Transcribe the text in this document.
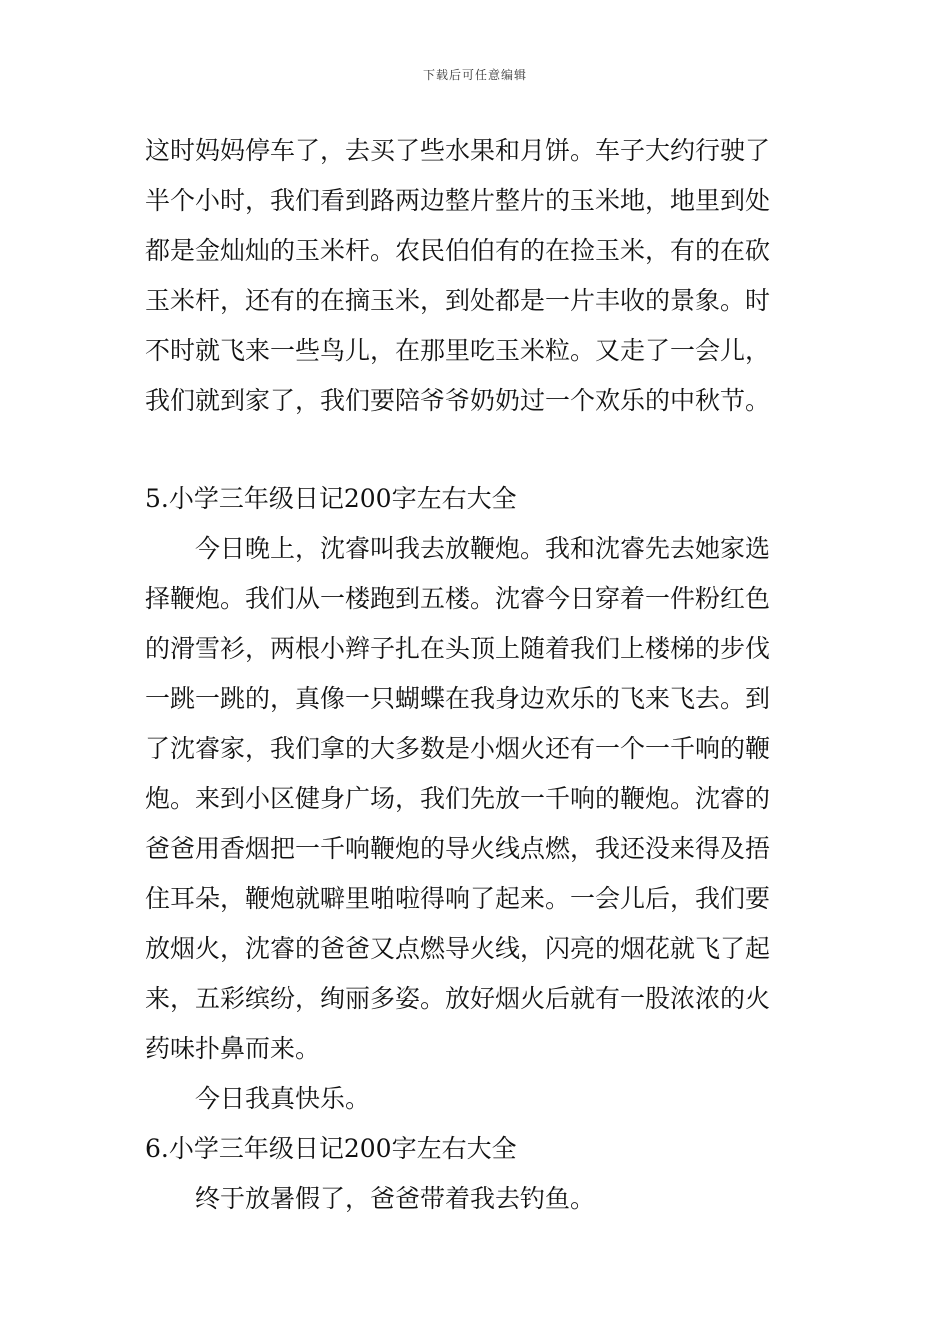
下载后可任意编辑
这时妈妈停车了，去买了些水果和月饼。车子大约行驶了
半个小时，我们看到路两边整片整片的玉米地，地里到处
都是金灿灿的玉米杆。农民伯伯有的在捡玉米，有的在砍
玉米杆，还有的在摘玉米，到处都是一片丰收的景象。时
不时就飞来一些鸟儿，在那里吃玉米粒。又走了一会儿，
我们就到家了，我们要陪爷爷奶奶过一个欢乐的中秋节。
5.小学三年级日记200字左右大全
今日晚上，沈睿叫我去放鞭炮。我和沈睿先去她家选
择鞭炮。我们从一楼跑到五楼。沈睿今日穿着一件粉红色
的滑雪衫，两根小辫子扎在头顶上随着我们上楼梯的步伐
一跳一跳的，真像一只蝴蝶在我身边欢乐的飞来飞去。到
了沈睿家，我们拿的大多数是小烟火还有一个一千响的鞭
炮。来到小区健身广场，我们先放一千响的鞭炮。沈睿的
爸爸用香烟把一千响鞭炮的导火线点燃，我还没来得及捂
住耳朵，鞭炮就噼里啪啦得响了起来。一会儿后，我们要
放烟火，沈睿的爸爸又点燃导火线，闪亮的烟花就飞了起
来，五彩缤纷，绚丽多姿。放好烟火后就有一股浓浓的火
药味扑鼻而来。
今日我真快乐。
6.小学三年级日记200字左右大全
终于放暑假了，爸爸带着我去钓鱼。
